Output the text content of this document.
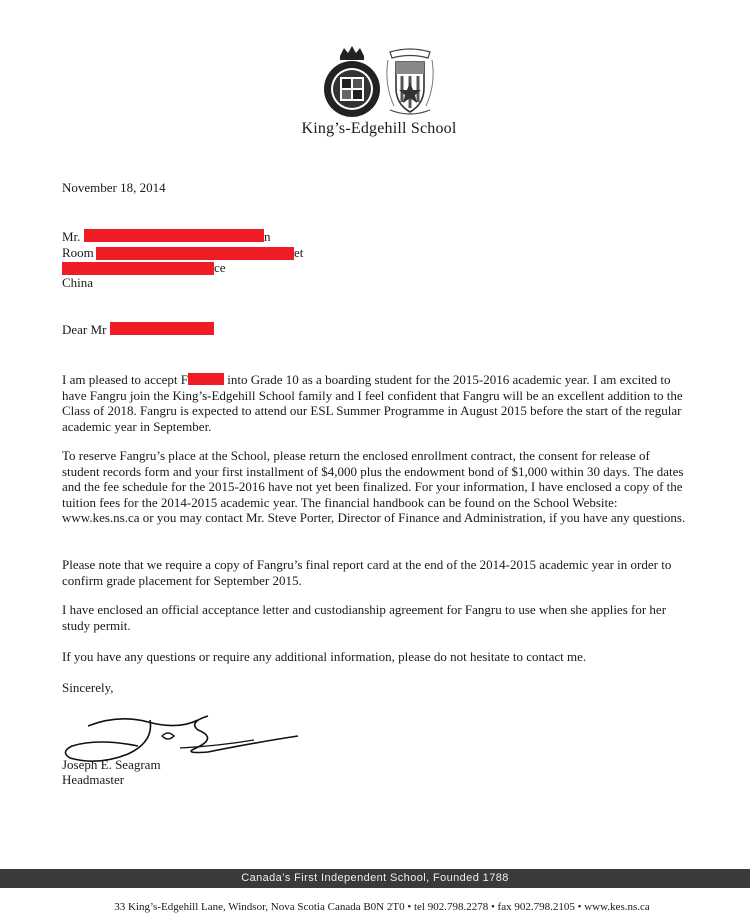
King’s-Edgehill School
November 18, 2014
Mr.	n
Room	et
ce
China
Dear Mr
I am pleased to accept F	into Grade 10 as a boarding student for the 2015-2016 academic year. I am excited to have Fangru join the King’s-Edgehill School family and I feel confident that Fangru will be an excellent addition to the Class of 2018. Fangru is expected to attend our ESL Summer Programme in August 2015 before the start of the regular academic year in September.
To reserve Fangru’s place at the School, please return the enclosed enrollment contract, the consent for release of student records form and your first installment of $4,000 plus the endowment bond of $1,000 within 30 days. The dates and the fee schedule for the 2015-2016 have not yet been finalized. For your information, I have enclosed a copy of the tuition fees for the 2014-2015 academic year. The financial handbook can be found on the School Website: www.kes.ns.ca or you may contact Mr. Steve Porter, Director of Finance and Administration, if you have any questions.
Please note that we require a copy of Fangru’s final report card at the end of the 2014-2015 academic year in order to confirm grade placement for September 2015.
I have enclosed an official acceptance letter and custodianship agreement for Fangru to use when she applies for her study permit.
If you have any questions or require any additional information, please do not hesitate to contact me.
Sincerely,
Joseph E. Seagram
Headmaster
Canada’s First Independent School, Founded 1788
33 King’s-Edgehill Lane, Windsor, Nova Scotia Canada B0N 2T0 • tel 902.798.2278 • fax 902.798.2105 • www.kes.ns.ca
